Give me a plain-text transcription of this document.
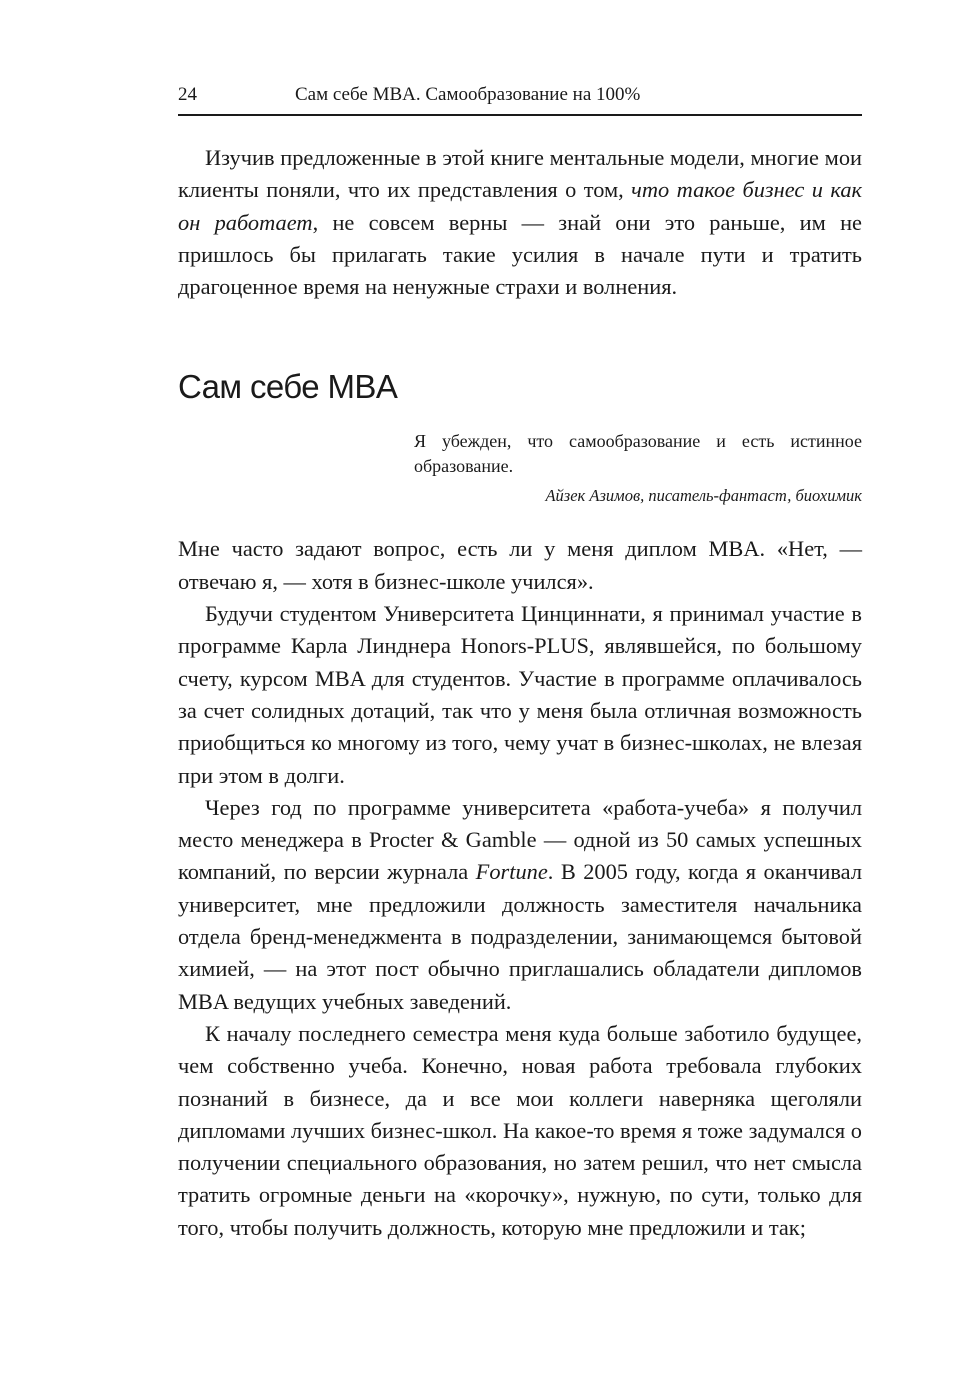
24	Сам себе MBA. Самообразование на 100%

Изучив предложенные в этой книге ментальные модели, многие мои клиенты поняли, что их представления о том, что такое бизнес и как он работает, не совсем верны — знай они это раньше, им не пришлось бы прилагать такие усилия в начале пути и тратить драгоценное время на ненужные страхи и волнения.

Сам себе MBA
Я убежден, что самообразование и есть истинное образование.
Айзек Азимов, писатель-фантаст, биохимик

Мне часто задают вопрос, есть ли у меня диплом MBA. «Нет, — отвечаю я, — хотя в бизнес-школе учился».

Будучи студентом Университета Цинциннати, я принимал участие в программе Карла Линднера Honors-PLUS, являвшейся, по большому счету, курсом MBA для студентов. Участие в программе оплачивалось за счет солидных дотаций, так что у меня была отличная возможность приобщиться ко многому из того, чему учат в бизнес-школах, не влезая при этом в долги.

Через год по программе университета «работа-учеба» я получил место менеджера в Procter & Gamble — одной из 50 самых успешных компаний, по версии журнала Fortune. В 2005 году, когда я оканчивал университет, мне предложили должность заместителя начальника отдела бренд-менеджмента в подразделении, занимающемся бытовой химией, — на этот пост обычно приглашались обладатели дипломов MBA ведущих учебных заведений.

К началу последнего семестра меня куда больше заботило будущее, чем собственно учеба. Конечно, новая работа требовала глубоких познаний в бизнесе, да и все мои коллеги наверняка щеголяли дипломами лучших бизнес-школ. На какое-то время я тоже задумался о получении специального образования, но затем решил, что нет смысла тратить огромные деньги на «корочку», нужную, по сути, только для того, чтобы получить должность, которую мне предложили и так;
